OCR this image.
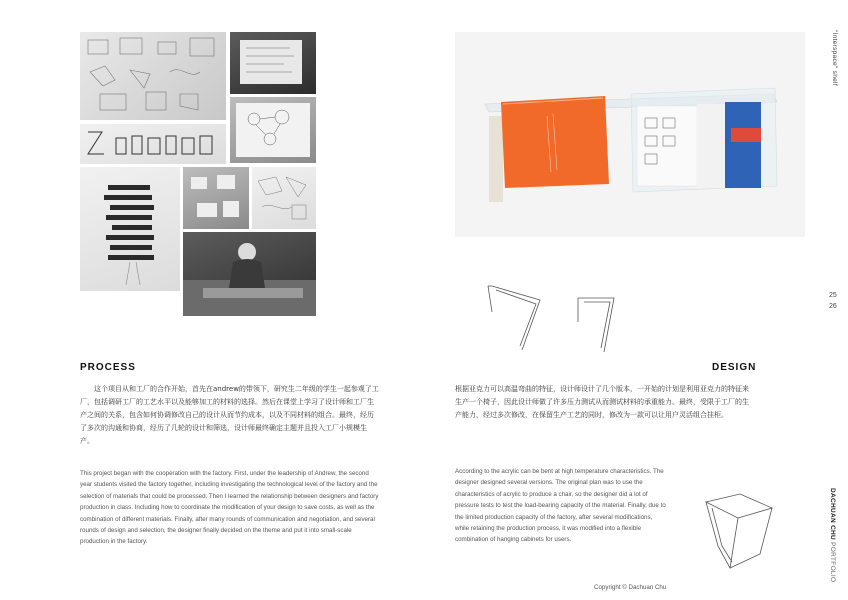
25
26
"Interspace" shelf
DACHUAN CHU PORTFOLIO
PROCESS
这个项目从和工厂的合作开始，首先在andrew的带领下，研究生二年级的学生一起参观了工厂，包括调研工厂的工艺水平以及能够加工的材料的选择。然后在课堂上学习了设计师和工厂生产之间的关系，包含如何协调修改自己的设计从而节约成本，以及不同材料的组合。最终，经历了多次的沟通和协商，经历了几轮的设计和筛选，设计师最终确定主题并且投入工厂小规模生产。
This project began with the cooperation with the factory. First, under the leadership of Andrew, the second year students visited the factory together, including investigating the technological level of the factory and the selection of materials that could be processed. Then I learned the relationship between designers and factory production in class. Including how to coordinate the modification of your design to save costs, as well as the combination of different materials. Finally, after many rounds of communication and negotiation, and several rounds of design and selection, the designer finally decided on the theme and put it into small-scale production in the factory.
DESIGN
根据亚克力可以高温弯曲的特征，设计师设计了几个版本，一开始的计划是利用亚克力的特征来生产一个椅子，因此设计师做了许多压力测试从而测试材料的承重能力。最终，受限于工厂的生产能力，经过多次修改，在保留生产工艺的同时，修改为一款可以让用户灵活组合挂柜。
According to the acrylic can be bent at high temperature characteristics. The designer designed several versions. The original plan was to use the characteristics of acrylic to produce a chair, so the designer did a lot of pressure tests to test the load-bearing capacity of the material. Finally, due to the limited production capacity of the factory, after several modifications, while retaining the production process, it was modified into a flexible combination of hanging cabinets for users.
Copyright © Dachuan Chu
